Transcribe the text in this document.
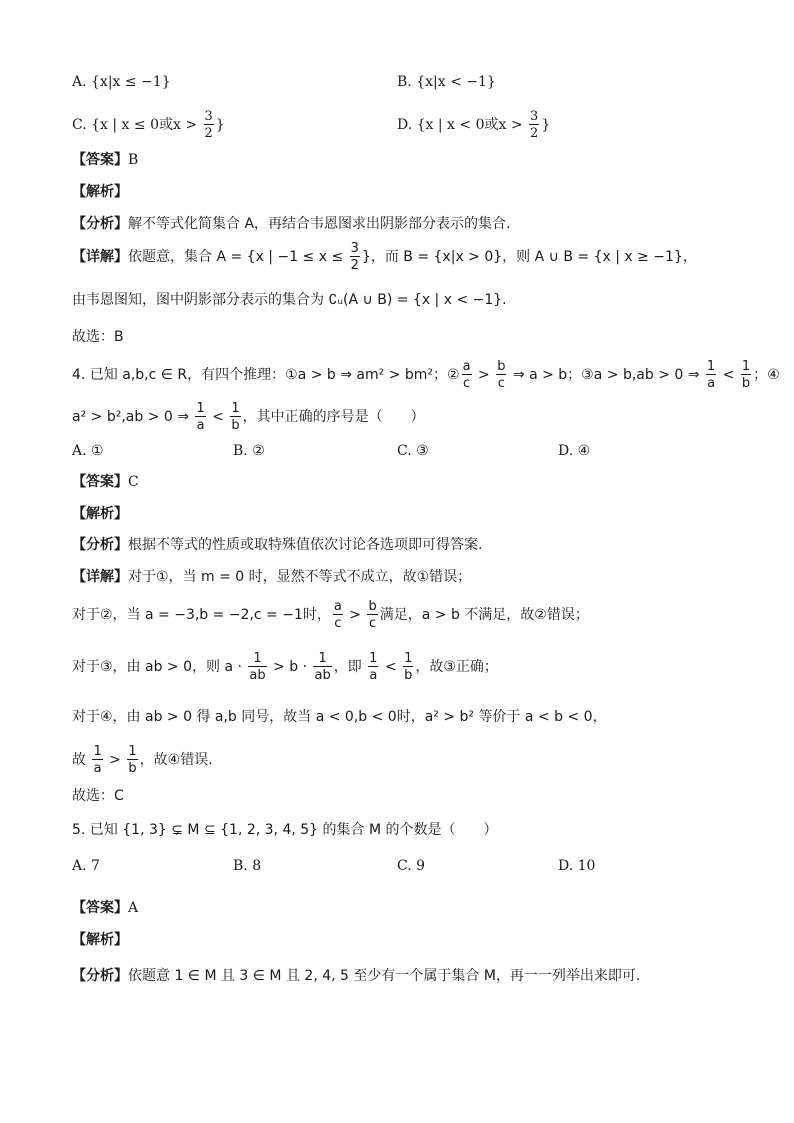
A. {x|x ≤ −1}	B. {x|x < −1}
C. {x | x ≤ 0或$x > \frac{3}{2}$ }	D. {x | x < 0或$x > \frac{3}{2}$ }
【答案】B
【解析】
【分析】解不等式化简集合 A，再结合韦恩图求出阴影部分表示的集合.
【详解】依题意，集合 A = {x | $-1 \le x \le \frac{3}{2}$ }，而 B = {x|x > 0}，则 A ∪ B = {x | x ≥ −1}，
由韦恩图知，图中阴影部分表示的集合为 ∁ᵤ(A ∪ B) = {x | x < −1}.
故选：B
4. 已知 a,b,c ∈ R，有四个推理：①a > b ⇒ am² > bm²；② $\frac{a}{c} > \frac{b}{c}$ ⇒ a > b；③a > b,ab > 0 ⇒ $\frac{1}{a} < \frac{1}{b}$ ；④
a² > b²,ab > 0 ⇒ $\frac{1}{a} < \frac{1}{b}$ ，其中正确的序号是（　　）
A. ①	B. ②	C. ③	D. ④
【答案】C
【解析】
【分析】根据不等式的性质或取特殊值依次讨论各选项即可得答案.
【详解】对于①，当 m = 0 时，显然不等式不成立，故①错误；
对于②，当 a = −3,b = −2,c = −1时， $\frac{a}{c} > \frac{b}{c}$ 满足，a > b 不满足，故②错误；
对于③，由 ab > 0，则 $a \cdot \frac{1}{ab} > b \cdot \frac{1}{ab}$ ，即 $\frac{1}{a} < \frac{1}{b}$ ，故③正确；
对于④，由 ab > 0 得 a,b 同号，故当 a < 0,b < 0时，a² > b² 等价于 a < b < 0，
故 $\frac{1}{a} > \frac{1}{b}$ ，故④错误.
故选：C
5. 已知 {1, 3} ⊊ M ⊆ {1, 2, 3, 4, 5} 的集合 M 的个数是（　　）
A. 7	B. 8	C. 9	D. 10
【答案】A
【解析】
【分析】依题意 1 ∈ M 且 3 ∈ M 且 2, 4, 5 至少有一个属于集合 M，再一一列举出来即可.
